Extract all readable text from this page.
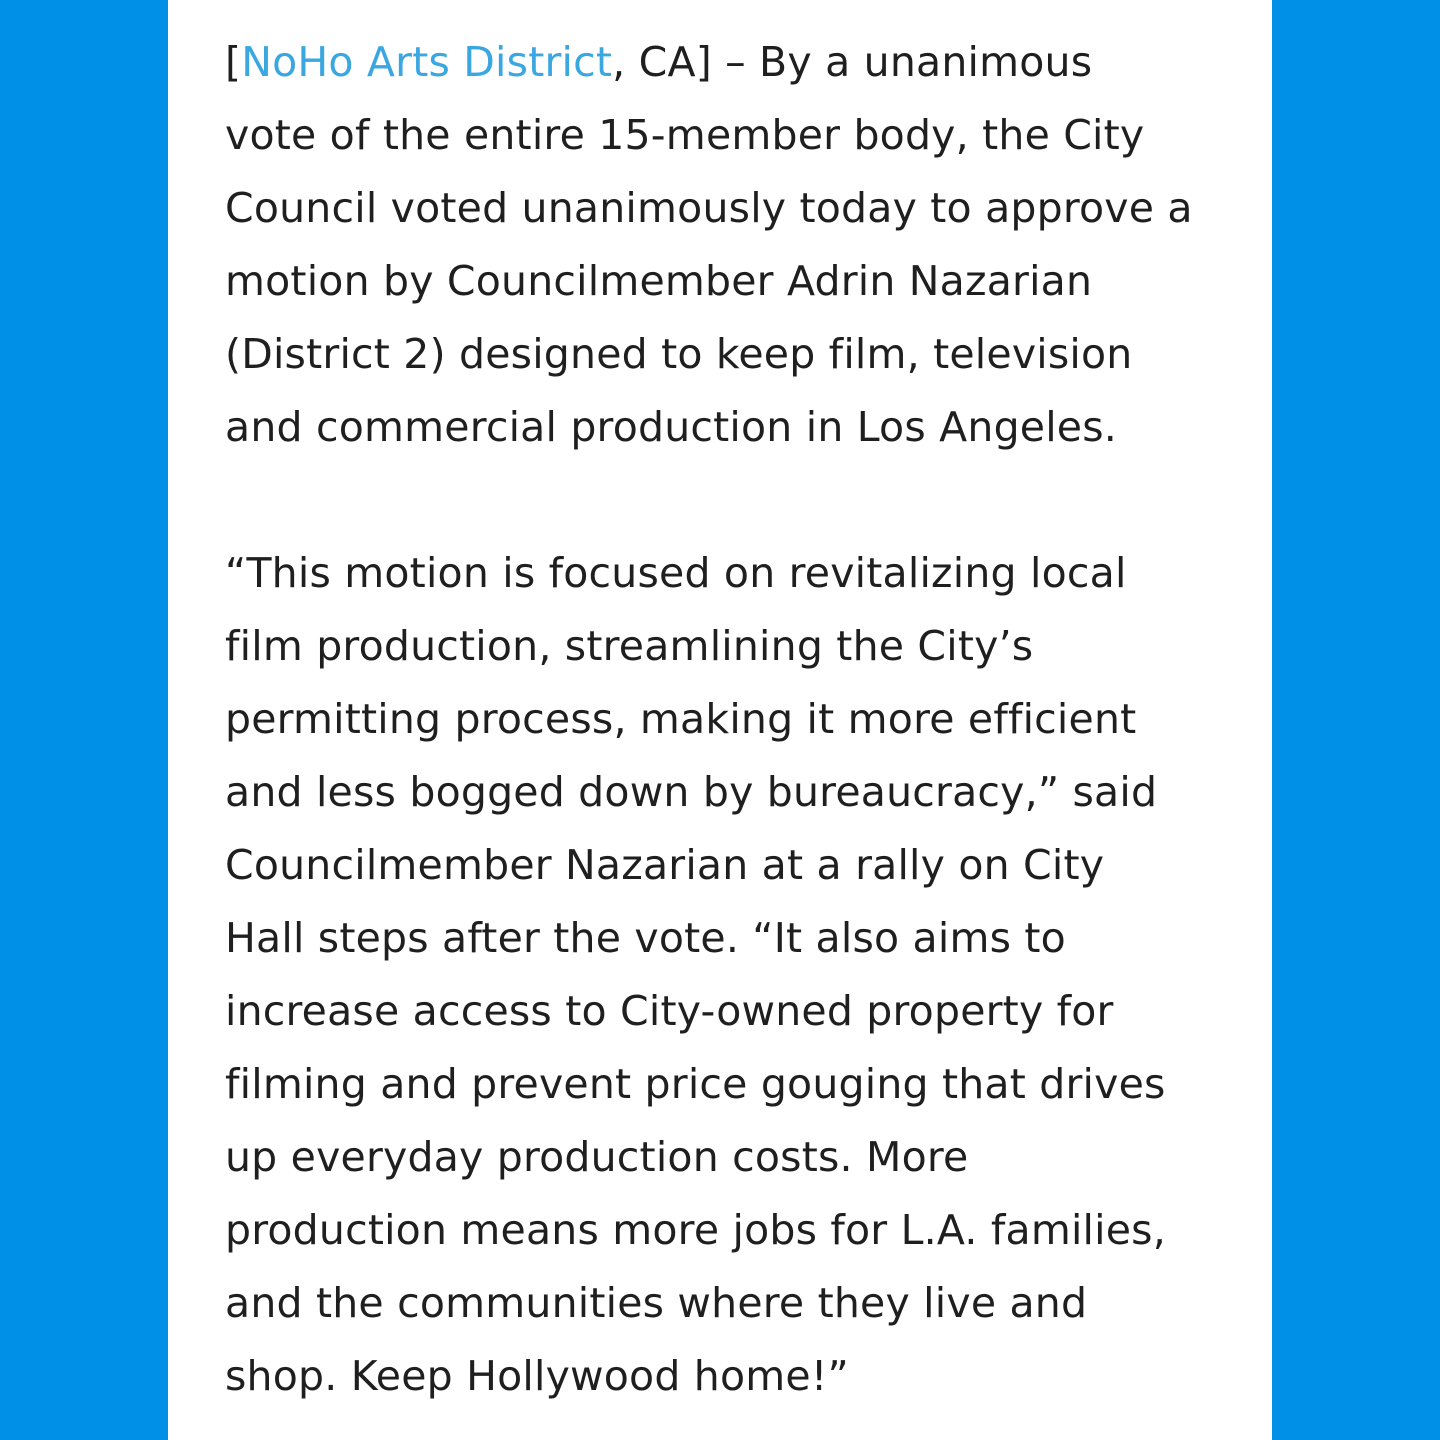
[NoHo Arts District, CA] – By a unanimous
vote of the entire 15-member body, the City
Council voted unanimously today to approve a
motion by Councilmember Adrin Nazarian
(District 2) designed to keep film, television
and commercial production in Los Angeles.

“This motion is focused on revitalizing local
film production, streamlining the City’s
permitting process, making it more efficient
and less bogged down by bureaucracy,” said
Councilmember Nazarian at a rally on City
Hall steps after the vote. “It also aims to
increase access to City-owned property for
filming and prevent price gouging that drives
up everyday production costs. More
production means more jobs for L.A. families,
and the communities where they live and
shop. Keep Hollywood home!”
